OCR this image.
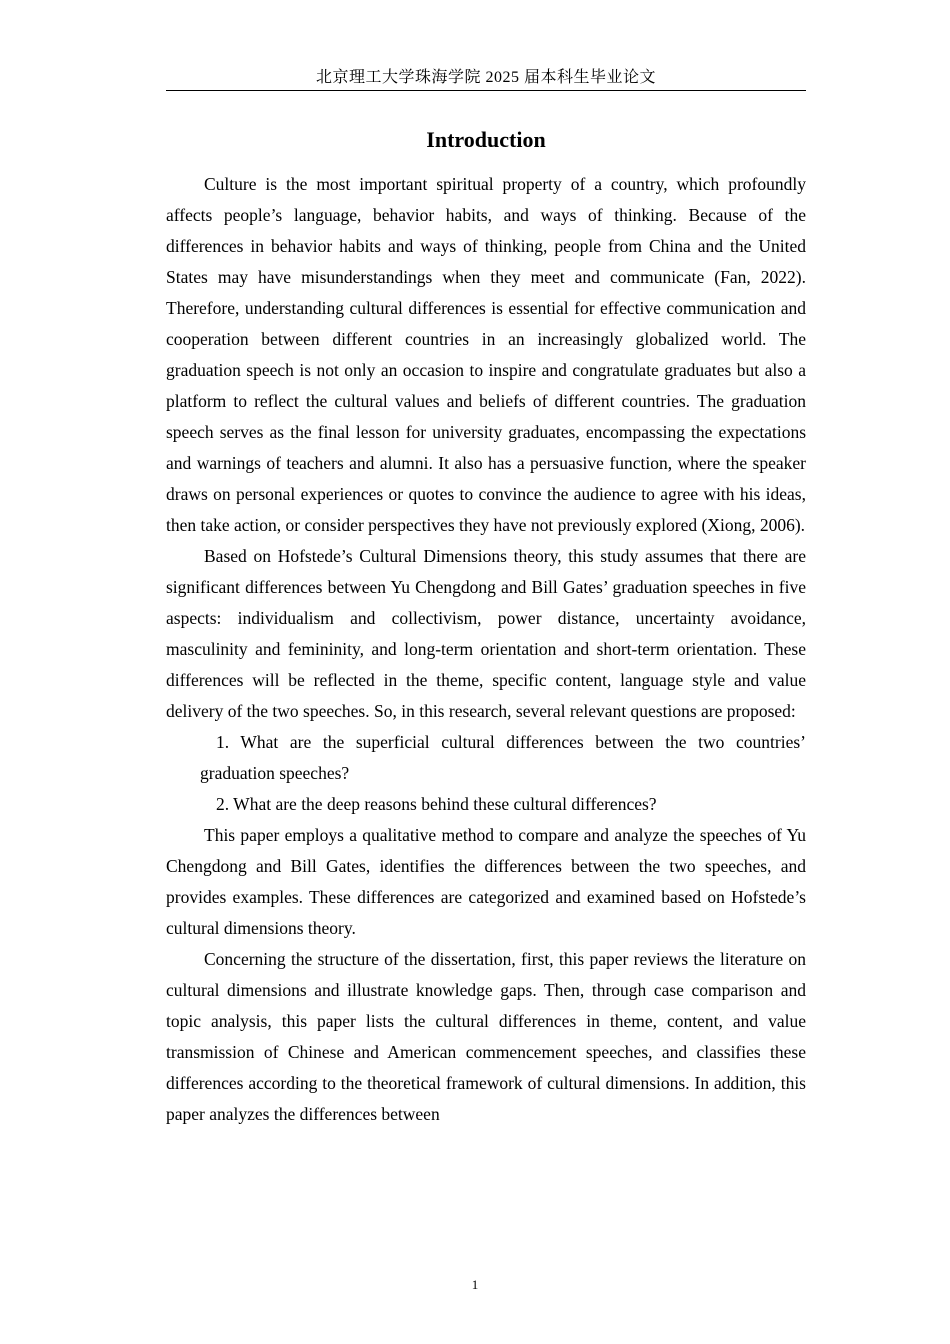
北京理工大学珠海学院 2025 届本科生毕业论文
Introduction

Culture is the most important spiritual property of a country, which profoundly affects people’s language, behavior habits, and ways of thinking. Because of the differences in behavior habits and ways of thinking, people from China and the United States may have misunderstandings when they meet and communicate (Fan, 2022). Therefore, understanding cultural differences is essential for effective communication and cooperation between different countries in an increasingly globalized world. The graduation speech is not only an occasion to inspire and congratulate graduates but also a platform to reflect the cultural values and beliefs of different countries. The graduation speech serves as the final lesson for university graduates, encompassing the expectations and warnings of teachers and alumni. It also has a persuasive function, where the speaker draws on personal experiences or quotes to convince the audience to agree with his ideas, then take action, or consider perspectives they have not previously explored (Xiong, 2006).

Based on Hofstede’s Cultural Dimensions theory, this study assumes that there are significant differences between Yu Chengdong and Bill Gates’ graduation speeches in five aspects: individualism and collectivism, power distance, uncertainty avoidance, masculinity and femininity, and long-term orientation and short-term orientation. These differences will be reflected in the theme, specific content, language style and value delivery of the two speeches. So, in this research, several relevant questions are proposed:

1. What are the superficial cultural differences between the two countries’ graduation speeches?

2. What are the deep reasons behind these cultural differences?

This paper employs a qualitative method to compare and analyze the speeches of Yu Chengdong and Bill Gates, identifies the differences between the two speeches, and provides examples. These differences are categorized and examined based on Hofstede’s cultural dimensions theory.

Concerning the structure of the dissertation, first, this paper reviews the literature on cultural dimensions and illustrate knowledge gaps. Then, through case comparison and topic analysis, this paper lists the cultural differences in theme, content, and value transmission of Chinese and American commencement speeches, and classifies these differences according to the theoretical framework of cultural dimensions. In addition, this paper analyzes the differences between

1
